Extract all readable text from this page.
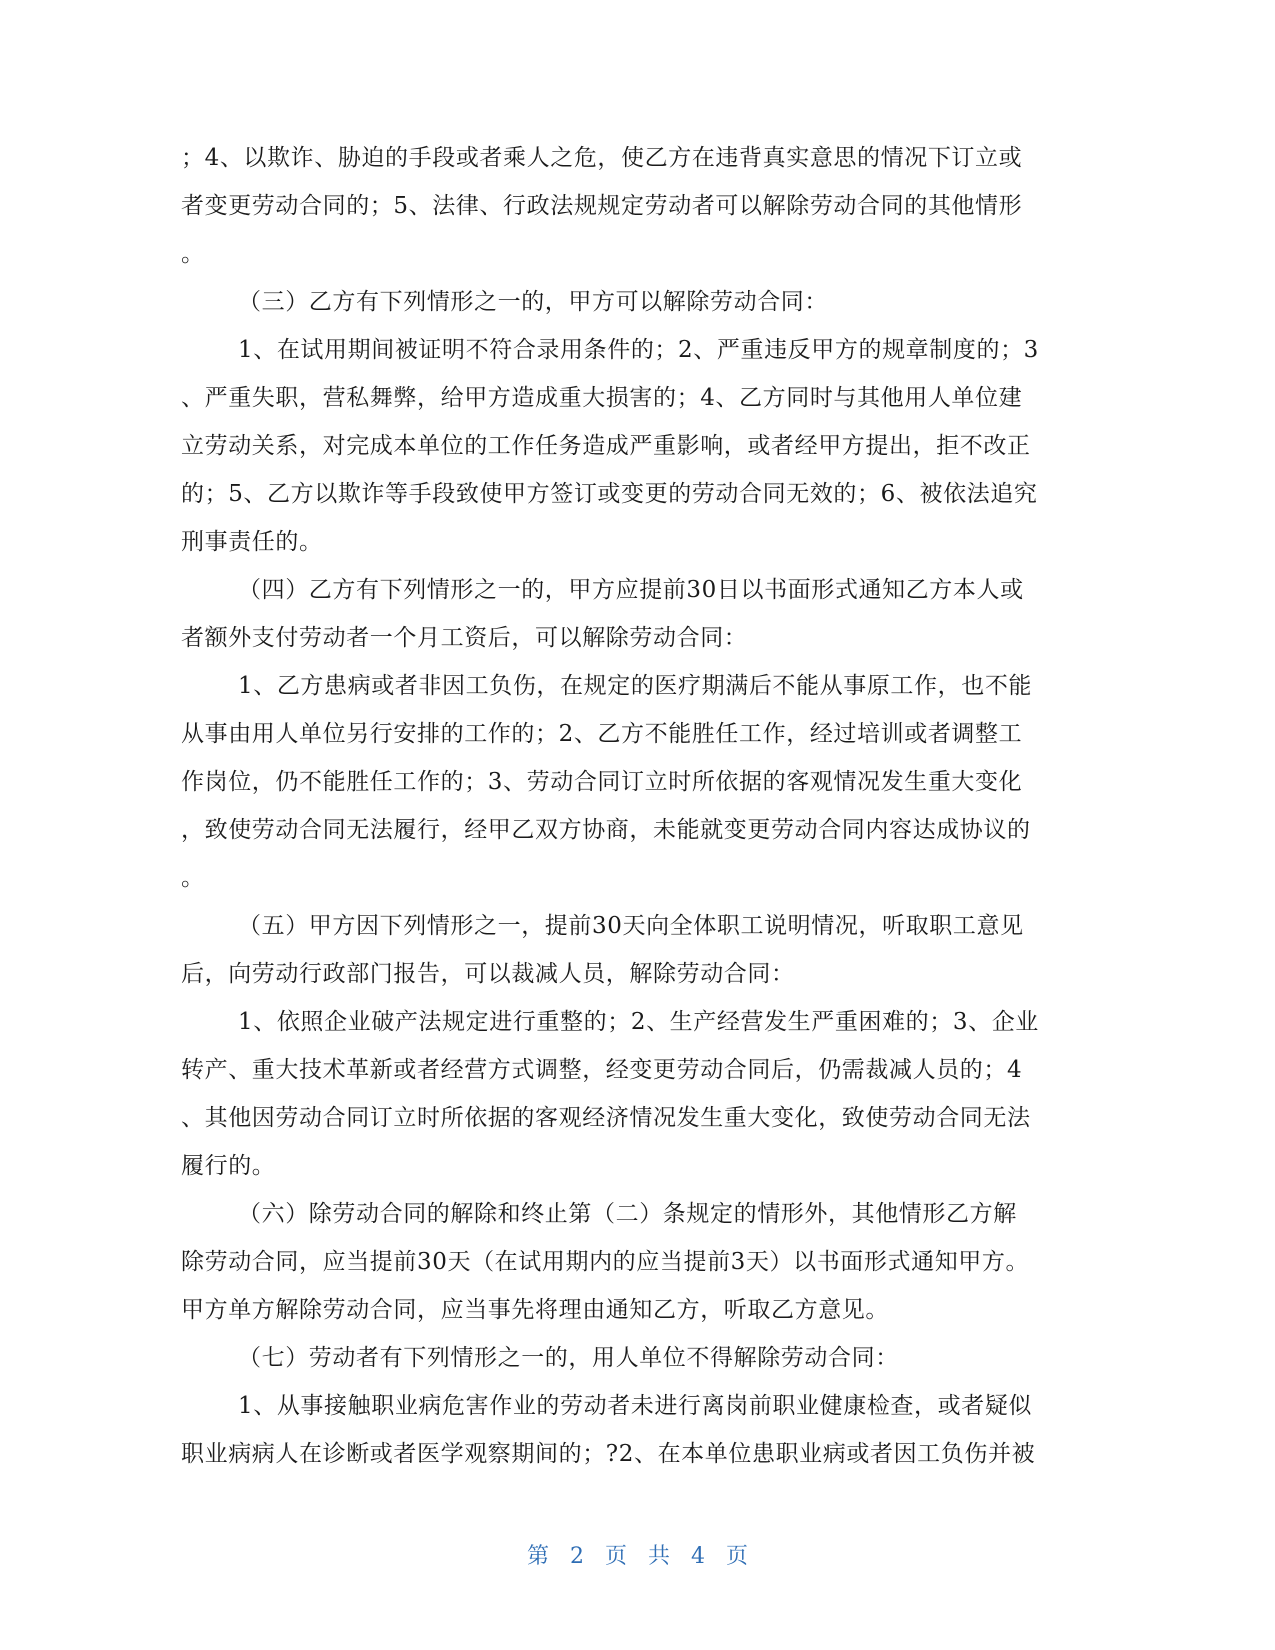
；4、以欺诈、胁迫的手段或者乘人之危，使乙方在违背真实意思的情况下订立或
者变更劳动合同的；5、法律、行政法规规定劳动者可以解除劳动合同的其他情形
。
（三）乙方有下列情形之一的，甲方可以解除劳动合同：
1、在试用期间被证明不符合录用条件的；2、严重违反甲方的规章制度的；3
、严重失职，营私舞弊，给甲方造成重大损害的；4、乙方同时与其他用人单位建
立劳动关系，对完成本单位的工作任务造成严重影响，或者经甲方提出，拒不改正
的；5、乙方以欺诈等手段致使甲方签订或变更的劳动合同无效的；6、被依法追究
刑事责任的。
（四）乙方有下列情形之一的，甲方应提前30日以书面形式通知乙方本人或
者额外支付劳动者一个月工资后，可以解除劳动合同：
1、乙方患病或者非因工负伤，在规定的医疗期满后不能从事原工作，也不能
从事由用人单位另行安排的工作的；2、乙方不能胜任工作，经过培训或者调整工
作岗位，仍不能胜任工作的；3、劳动合同订立时所依据的客观情况发生重大变化
，致使劳动合同无法履行，经甲乙双方协商，未能就变更劳动合同内容达成协议的
。
（五）甲方因下列情形之一，提前30天向全体职工说明情况，听取职工意见
后，向劳动行政部门报告，可以裁减人员，解除劳动合同：
1、依照企业破产法规定进行重整的；2、生产经营发生严重困难的；3、企业
转产、重大技术革新或者经营方式调整，经变更劳动合同后，仍需裁减人员的；4
、其他因劳动合同订立时所依据的客观经济情况发生重大变化，致使劳动合同无法
履行的。
（六）除劳动合同的解除和终止第（二）条规定的情形外，其他情形乙方解
除劳动合同，应当提前30天（在试用期内的应当提前3天）以书面形式通知甲方。
甲方单方解除劳动合同，应当事先将理由通知乙方，听取乙方意见。
（七）劳动者有下列情形之一的，用人单位不得解除劳动合同：
1、从事接触职业病危害作业的劳动者未进行离岗前职业健康检查，或者疑似
职业病病人在诊断或者医学观察期间的；?2、在本单位患职业病或者因工负伤并被
第 2 页 共 4 页
